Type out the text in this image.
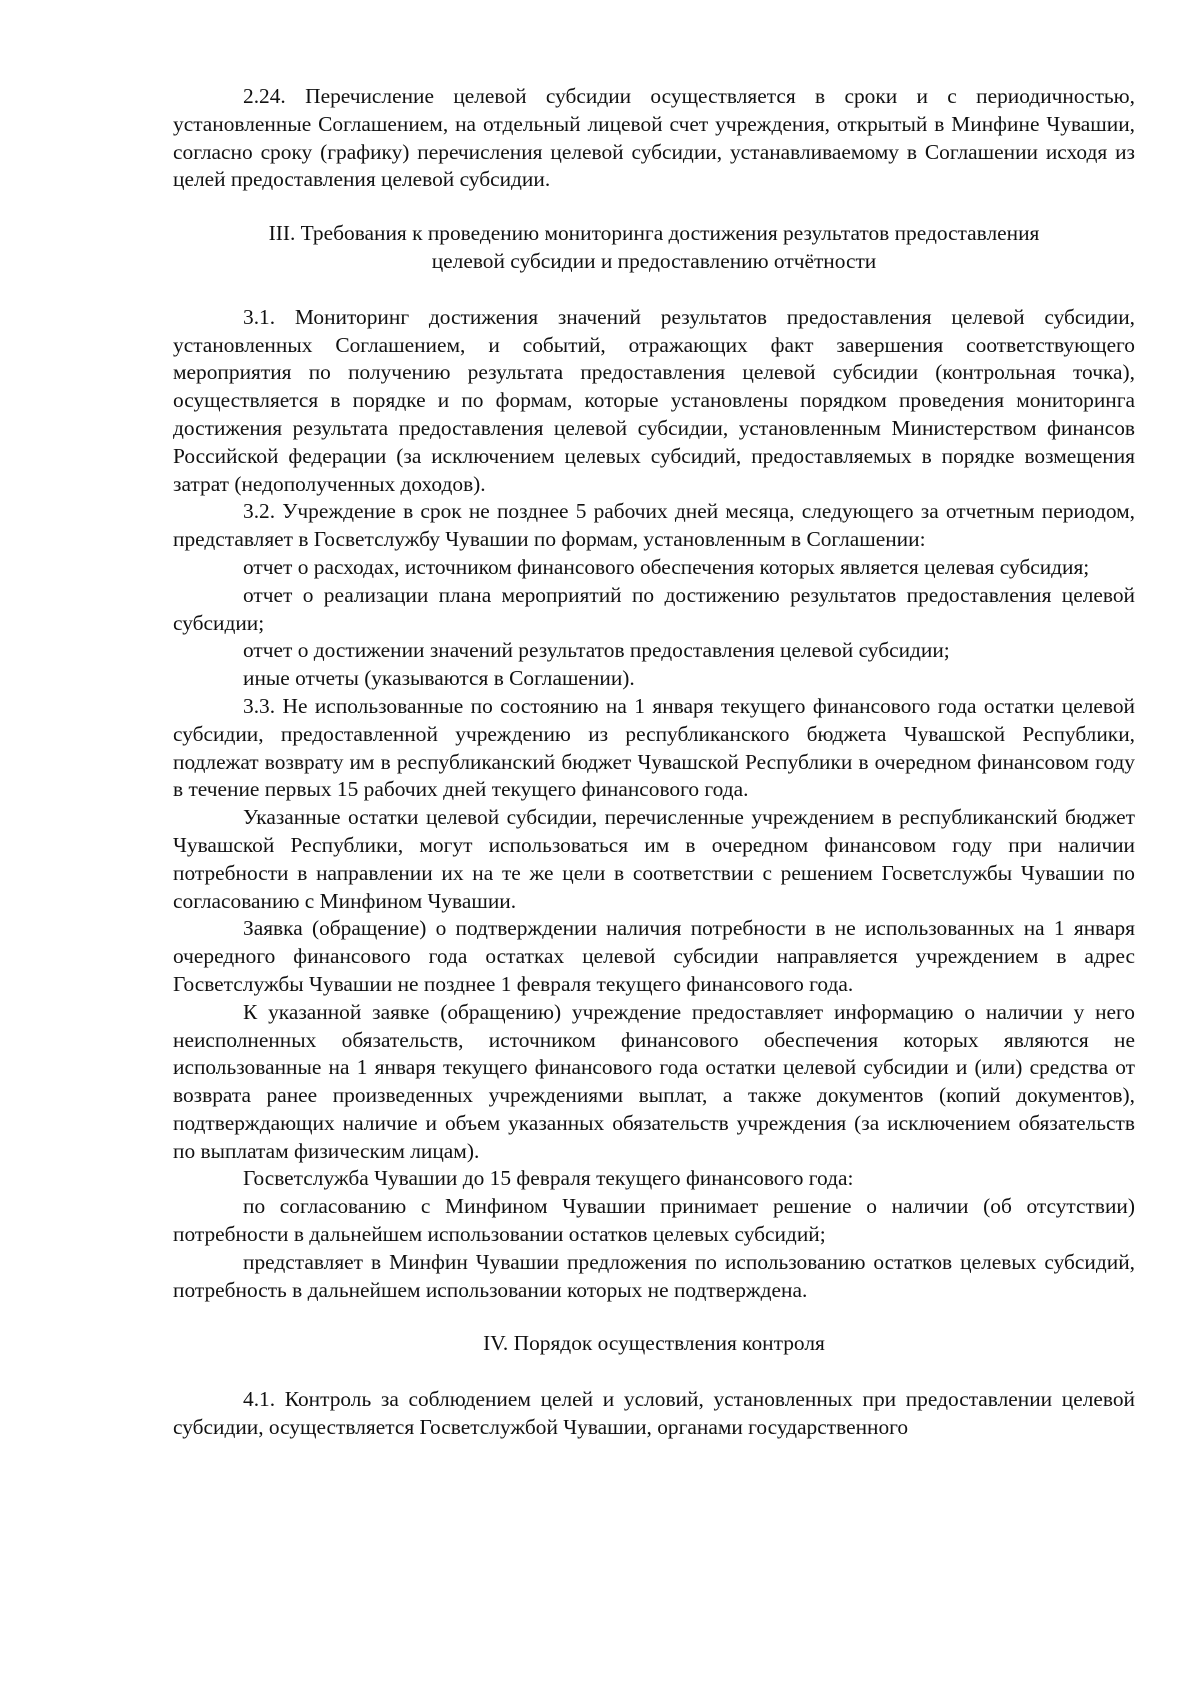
2.24. Перечисление целевой субсидии осуществляется в сроки и с периодичностью, установленные Соглашением, на отдельный лицевой счет учреждения, открытый в Минфине Чувашии, согласно сроку (графику) перечисления целевой субсидии, устанавливаемому в Соглашении исходя из целей предоставления целевой субсидии.

III. Требования к проведению мониторинга достижения результатов предоставления
целевой субсидии и предоставлению отчётности

3.1. Мониторинг достижения значений результатов предоставления целевой субсидии, установленных Соглашением, и событий, отражающих факт завершения соответствующего мероприятия по получению результата предоставления целевой субсидии (контрольная точка), осуществляется в порядке и по формам, которые установлены порядком проведения мониторинга достижения результата предоставления целевой субсидии, установленным Министерством финансов Российской федерации (за исключением целевых субсидий, предоставляемых в порядке возмещения затрат (недополученных доходов).

3.2. Учреждение в срок не позднее 5 рабочих дней месяца, следующего за отчетным периодом, представляет в Госветслужбу Чувашии по формам, установленным в Соглашении:

отчет о расходах, источником финансового обеспечения которых является целевая субсидия;

отчет о реализации плана мероприятий по достижению результатов предоставления целевой субсидии;

отчет о достижении значений результатов предоставления целевой субсидии;

иные отчеты (указываются в Соглашении).

3.3. Не использованные по состоянию на 1 января текущего финансового года остатки целевой субсидии, предоставленной учреждению из республиканского бюджета Чувашской Республики, подлежат возврату им в республиканский бюджет Чувашской Республики в очередном финансовом году в течение первых 15 рабочих дней текущего финансового года.

Указанные остатки целевой субсидии, перечисленные учреждением в республиканский бюджет Чувашской Республики, могут использоваться им в очередном финансовом году при наличии потребности в направлении их на те же цели в соответствии с решением Госветслужбы Чувашии по согласованию с Минфином Чувашии.

Заявка (обращение) о подтверждении наличия потребности в не использованных на 1 января очередного финансового года остатках целевой субсидии направляется учреждением в адрес Госветслужбы Чувашии не позднее 1 февраля текущего финансового года.

К указанной заявке (обращению) учреждение предоставляет информацию о наличии у него неисполненных обязательств, источником финансового обеспечения которых являются не использованные на 1 января текущего финансового года остатки целевой субсидии и (или) средства от возврата ранее произведенных учреждениями выплат, а также документов (копий документов), подтверждающих наличие и объем указанных обязательств учреждения (за исключением обязательств по выплатам физическим лицам).

Госветслужба Чувашии до 15 февраля текущего финансового года:

по согласованию с Минфином Чувашии принимает решение о наличии (об отсутствии) потребности в дальнейшем использовании остатков целевых субсидий;

представляет в Минфин Чувашии предложения по использованию остатков целевых субсидий, потребность в дальнейшем использовании которых не подтверждена.

IV. Порядок осуществления контроля

4.1. Контроль за соблюдением целей и условий, установленных при предоставлении целевой субсидии, осуществляется Госветслужбой Чувашии, органами государственного
